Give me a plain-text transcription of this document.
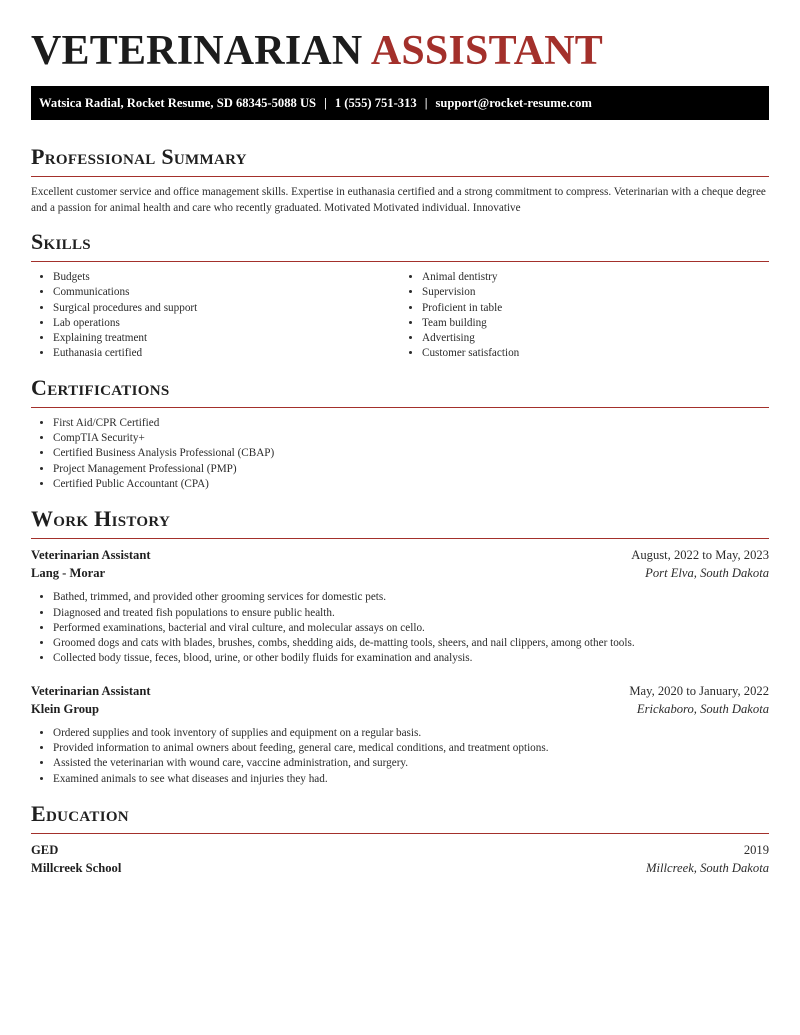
VETERINARIAN ASSISTANT
Watsica Radial, Rocket Resume, SD 68345-5088 US | 1 (555) 751-313 | support@rocket-resume.com
Professional Summary

Excellent customer service and office management skills. Expertise in euthanasia certified and a strong commitment to compress. Veterinarian with a cheque degree and a passion for animal health and care who recently graduated. Motivated Motivated individual. Innovative

Skills
• Budgets
• Communications
• Surgical procedures and support
• Lab operations
• Explaining treatment
• Euthanasia certified
• Animal dentistry
• Supervision
• Proficient in table
• Team building
• Advertising
• Customer satisfaction
Certifications
• First Aid/CPR Certified
• CompTIA Security+
• Certified Business Analysis Professional (CBAP)
• Project Management Professional (PMP)
• Certified Public Accountant (CPA)
Work History
Veterinarian Assistant	August, 2022 to May, 2023
Lang - Morar	Port Elva, South Dakota
• Bathed, trimmed, and provided other grooming services for domestic pets.
• Diagnosed and treated fish populations to ensure public health.
• Performed examinations, bacterial and viral culture, and molecular assays on cello.
• Groomed dogs and cats with blades, brushes, combs, shedding aids, de-matting tools, sheers, and nail clippers, among other tools.
• Collected body tissue, feces, blood, urine, or other bodily fluids for examination and analysis.
Veterinarian Assistant	May, 2020 to January, 2022
Klein Group	Erickaboro, South Dakota
• Ordered supplies and took inventory of supplies and equipment on a regular basis.
• Provided information to animal owners about feeding, general care, medical conditions, and treatment options.
• Assisted the veterinarian with wound care, vaccine administration, and surgery.
• Examined animals to see what diseases and injuries they had.
Education
GED	2019
Millcreek School	Millcreek, South Dakota
